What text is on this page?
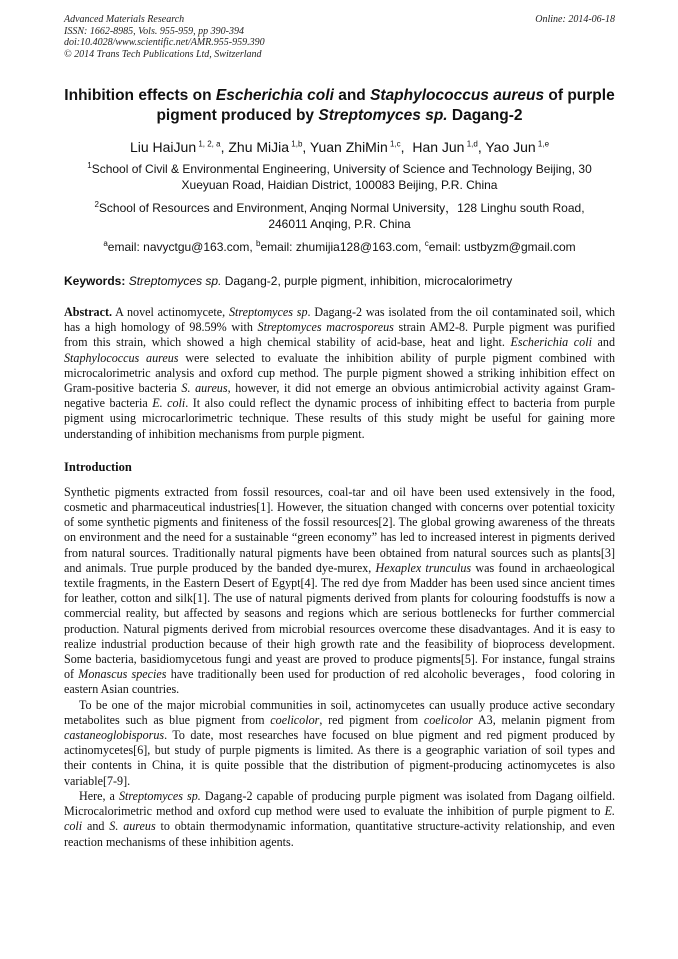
Advanced Materials Research	Online: 2014-06-18
ISSN: 1662-8985, Vols. 955-959, pp 390-394
doi:10.4028/www.scientific.net/AMR.955-959.390
© 2014 Trans Tech Publications Ltd, Switzerland
Inhibition effects on Escherichia coli and Staphylococcus aureus of purple pigment produced by Streptomyces sp. Dagang-2
Liu HaiJun $^{1, 2, a}$, Zhu MiJia $^{1,b}$, Yuan ZhiMin $^{1,c}$,  Han Jun $^{1,d}$, Yao Jun $^{1,e}$
$^1$School of Civil & Environmental Engineering, University of Science and Technology Beijing, 30
Xueyuan Road, Haidian District, 100083 Beijing, P.R. China
$^2$School of Resources and Environment, Anqing Normal University，128 Linghu south Road,
246011 Anqing, P.R. China
$^a$email: navyctgu@163.com, $^b$email: zhumijia128@163.com, $^c$email: ustbyzm@gmail.com
Keywords: Streptomyces sp. Dagang-2, purple pigment, inhibition, microcalorimetry

Abstract. A novel actinomycete, Streptomyces sp. Dagang-2 was isolated from the oil contaminated soil, which has a high homology of 98.59% with Streptomyces macrosporeus strain AM2-8. Purple pigment was purified from this strain, which showed a high chemical stability of acid-base, heat and light. Escherichia coli and Staphylococcus aureus were selected to evaluate the inhibition ability of purple pigment combined with microcalorimetric analysis and oxford cup method. The purple pigment showed a striking inhibition effect on Gram-positive bacteria S. aureus, however, it did not emerge an obvious antimicrobial activity against Gram-negative bacteria E. coli. It also could reflect the dynamic process of inhibiting effect to bacteria from purple pigment using microcarlorimetric technique. These results of this study might be useful for gaining more understanding of inhibition mechanisms from purple pigment.

Introduction

Synthetic pigments extracted from fossil resources, coal-tar and oil have been used extensively in the food, cosmetic and pharmaceutical industries[1]. However, the situation changed with concerns over potential toxicity of some synthetic pigments and finiteness of the fossil resources[2]. The global growing awareness of the threats on environment and the need for a sustainable “green economy” has led to increased interest in pigments derived from natural sources. Traditionally natural pigments have been obtained from natural sources such as plants[3] and animals. True purple produced by the banded dye-murex, Hexaplex trunculus was found in archaeological textile fragments, in the Eastern Desert of Egypt[4]. The red dye from Madder has been used since ancient times for leather, cotton and silk[1]. The use of natural pigments derived from plants for colouring foodstuffs is now a commercial reality, but affected by seasons and regions which are serious bottlenecks for further commercial production. Natural pigments derived from microbial resources overcome these disadvantages. And it is easy to realize industrial production because of their high growth rate and the feasibility of bioprocess development. Some bacteria, basidiomycetous fungi and yeast are proved to produce pigments[5]. For instance, fungal strains of Monascus species have traditionally been used for production of red alcoholic beverages，food coloring in eastern Asian countries.

To be one of the major microbial communities in soil, actinomycetes can usually produce active secondary metabolites such as blue pigment from coelicolor, red pigment from coelicolor A3, melanin pigment from castaneoglobisporus. To date, most researches have focused on blue pigment and red pigment produced by actinomycetes[6], but study of purple pigments is limited. As there is a geographic variation of soil types and their contents in China, it is quite possible that the distribution of pigment-producing actinomycetes is also variable[7-9].

Here, a Streptomyces sp. Dagang-2 capable of producing purple pigment was isolated from Dagang oilfield. Microcalorimetric method and oxford cup method were used to evaluate the inhibition of purple pigment to E. coli and S. aureus to obtain thermodynamic information, quantitative structure-activity relationship, and even reaction mechanisms of these inhibition agents.
